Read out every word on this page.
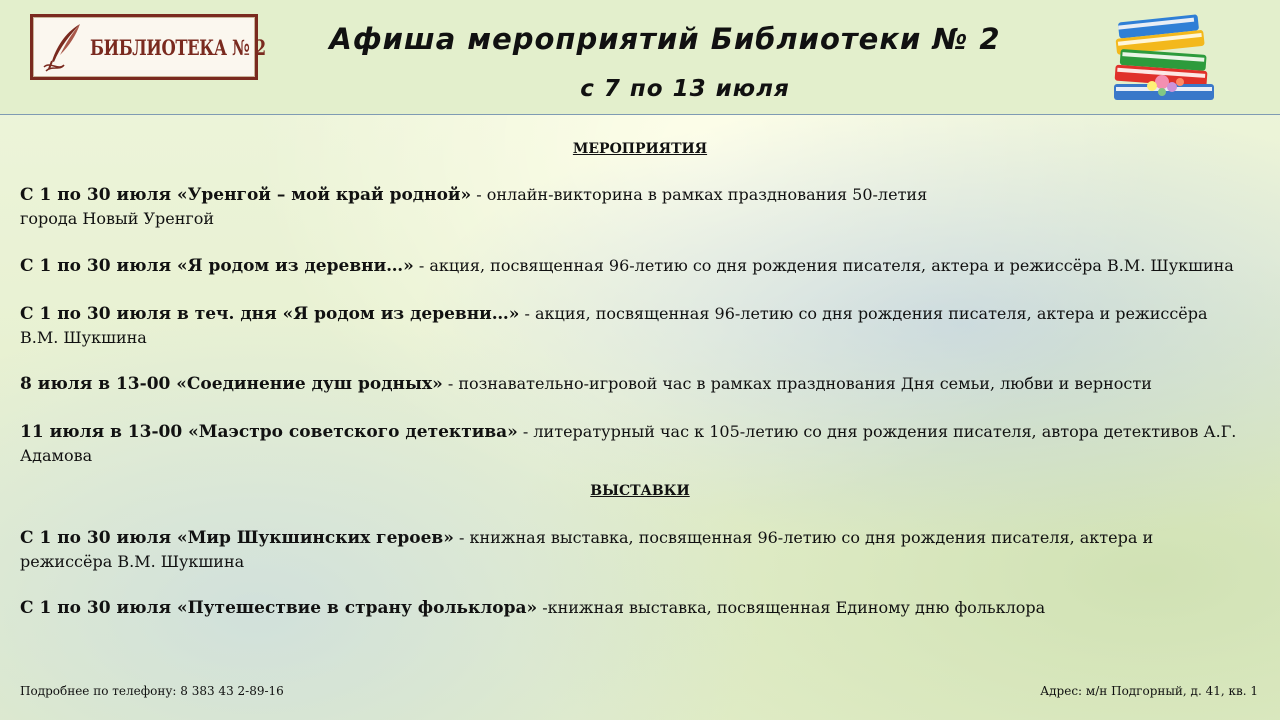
БИБЛИОТЕКА № 2	Афиша мероприятий Библиотеки № 2
с 7 по 13 июля
МЕРОПРИЯТИЯ
С 1 по 30 июля «Уренгой – мой край родной» - онлайн-викторина в рамках празднования 50-летия
города Новый Уренгой
С 1 по 30 июля «Я родом из деревни…» - акция, посвященная 96-летию со дня рождения писателя, актера и режиссёра В.М. Шукшина
С 1 по 30 июля в теч. дня «Я родом из деревни…» - акция, посвященная 96-летию со дня рождения писателя, актера и режиссёра
В.М. Шукшина
8 июля в 13-00 «Соединение душ родных» - познавательно-игровой час в рамках празднования Дня семьи, любви и верности
11 июля в 13-00 «Маэстро советского детектива» - литературный час к 105-летию со дня рождения писателя, автора детективов А.Г.
Адамова
ВЫСТАВКИ
С 1 по 30 июля «Мир Шукшинских героев» - книжная выставка, посвященная 96-летию со дня рождения писателя, актера и
режиссёра В.М. Шукшина
С 1 по 30 июля «Путешествие в страну фольклора» -книжная выставка, посвященная Единому дню фольклора
Подробнее по телефону: 8 383 43 2-89-16	Адрес: м/н Подгорный, д. 41, кв. 1
